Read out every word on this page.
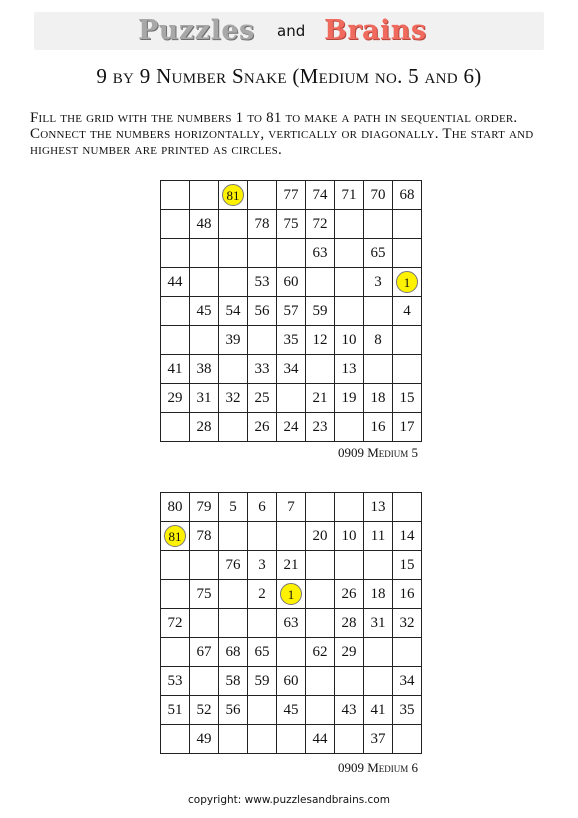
Puzzles and Brains
9 by 9 Number Snake (Medium no. 5 and 6)
Fill the grid with the numbers 1 to 81 to make a path in sequential order. Connect the numbers horizontally, vertically or diagonally. The start and highest number are printed as circles.
		81		77	74	71	70	68
	48		78	75	72			
					63		65	
44			53	60			3	1
	45	54	56	57	59			4
		39		35	12	10	8	
41	38		33	34		13		
29	31	32	25		21	19	18	15
	28		26	24	23		16	17
0909 Medium 5
80	79	5	6	7			13	
81	78				20	10	11	14
		76	3	21				15
	75		2	1		26	18	16
72				63		28	31	32
	67	68	65		62	29		
53		58	59	60				34
51	52	56		45		43	41	35
	49				44		37	
0909 Medium 6
copyright: www.puzzlesandbrains.com
